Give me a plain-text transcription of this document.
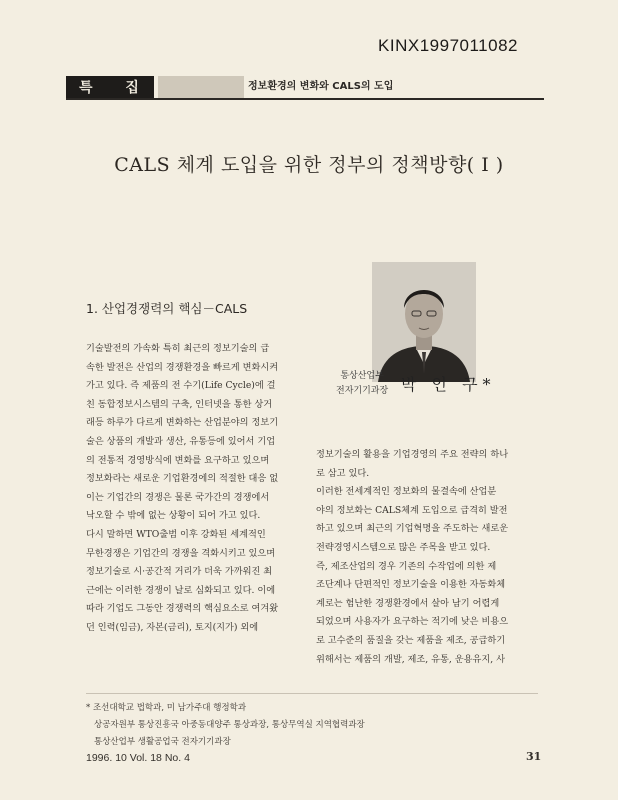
KINX1997011082
특 집	정보환경의 변화와 CALS의 도입
CALS 체계 도입을 위한 정부의 정책방향( I )
통상산업부
전자기기과장 박 인 구*
1. 산업경쟁력의 핵심－CALS
기술발전의 가속화 특히 최근의 정보기술의 급
속한 발전은 산업의 경쟁환경을 빠르게 변화시켜
가고 있다. 즉 제품의 전 수기(Life Cycle)에 걸
친 동합정보시스템의 구축, 인터넷을 통한 상거
래등 하루가 다르게 변화하는 산업분야의 정보기
술은 상품의 개발과 생산, 유통등에 있어서 기업
의 전통적 경영방식에 변화를 요구하고 있으며
정보화라는 새로운 기업환경에의 적절한 대응 없
이는 기업간의 경쟁은 물론 국가간의 경쟁에서
낙오할 수 밖에 없는 상황이 되어 가고 있다.
다시 말하면 WTO출범 이후 강화된 세계적인
무한경쟁은 기업간의 경쟁을 격화시키고 있으며
정보기술로 시·공간적 거리가 더욱 가까워진 최
근에는 이러한 경쟁이 날로 심화되고 있다. 이에
따라 기업도 그동안 경쟁력의 핵심요소로 여겨왔
던 인력(임금), 자본(금리), 토지(지가) 외에
정보기술의 활용을 기업경영의 주요 전략의 하나
로 삼고 있다.
이러한 전세계적인 정보화의 물결속에 산업분
야의 정보화는 CALS체계 도입으로 급격히 발전
하고 있으며 최근의 기업혁명을 주도하는 새로운
전략경영시스템으로 많은 주목을 받고 있다.
즉, 제조산업의 경우 기존의 수작업에 의한 제
조단계나 단편적인 정보기술을 이용한 자동화체
계로는 험난한 경쟁환경에서 살아 남기 어렵게
되었으며 사용자가 요구하는 적기에 낮은 비용으
로 고수준의 품질을 갖는 제품을 제조, 공급하기
위해서는 제품의 개발, 제조, 유통, 운용유지, 사
* 조선대학교 법학과, 미 남가주대 행정학과
상공자원부 통상진흥국 아중동대양주 통상과장, 통상무역실 지역협력과장
통상산업부 생활공업국 전자기기과장
1996. 10 Vol. 18 No. 4	31
